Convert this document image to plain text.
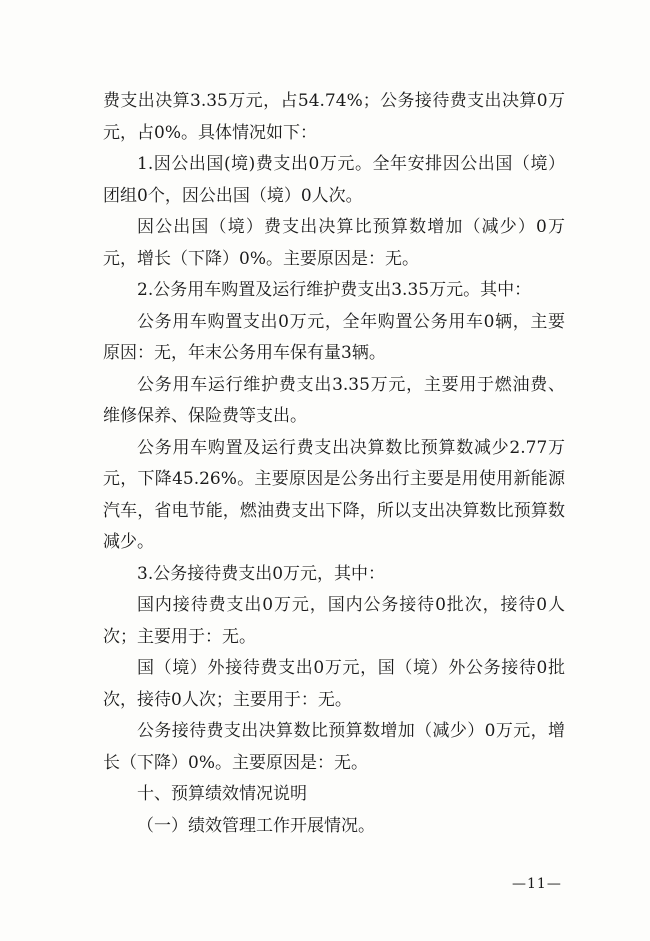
费支出决算3.35万元，占54.74%；公务接待费支出决算0万元，占0%。具体情况如下：

1.因公出国(境)费支出0万元。全年安排因公出国（境）团组0个，因公出国（境）0人次。

因公出国（境）费支出决算比预算数增加（减少）0万元，增长（下降）0%。主要原因是：无。

2.公务用车购置及运行维护费支出3.35万元。其中：

公务用车购置支出0万元，全年购置公务用车0辆，主要原因：无，年末公务用车保有量3辆。

公务用车运行维护费支出3.35万元，主要用于燃油费、维修保养、保险费等支出。

公务用车购置及运行费支出决算数比预算数减少2.77万元，下降45.26%。主要原因是公务出行主要是用使用新能源汽车，省电节能，燃油费支出下降，所以支出决算数比预算数减少。

3.公务接待费支出0万元，其中：

国内接待费支出0万元，国内公务接待0批次，接待0人次；主要用于：无。

国（境）外接待费支出0万元，国（境）外公务接待0批次，接待0人次；主要用于：无。

公务接待费支出决算数比预算数增加（减少）0万元，增长（下降）0%。主要原因是：无。

十、预算绩效情况说明

（一）绩效管理工作开展情况。

—11—
